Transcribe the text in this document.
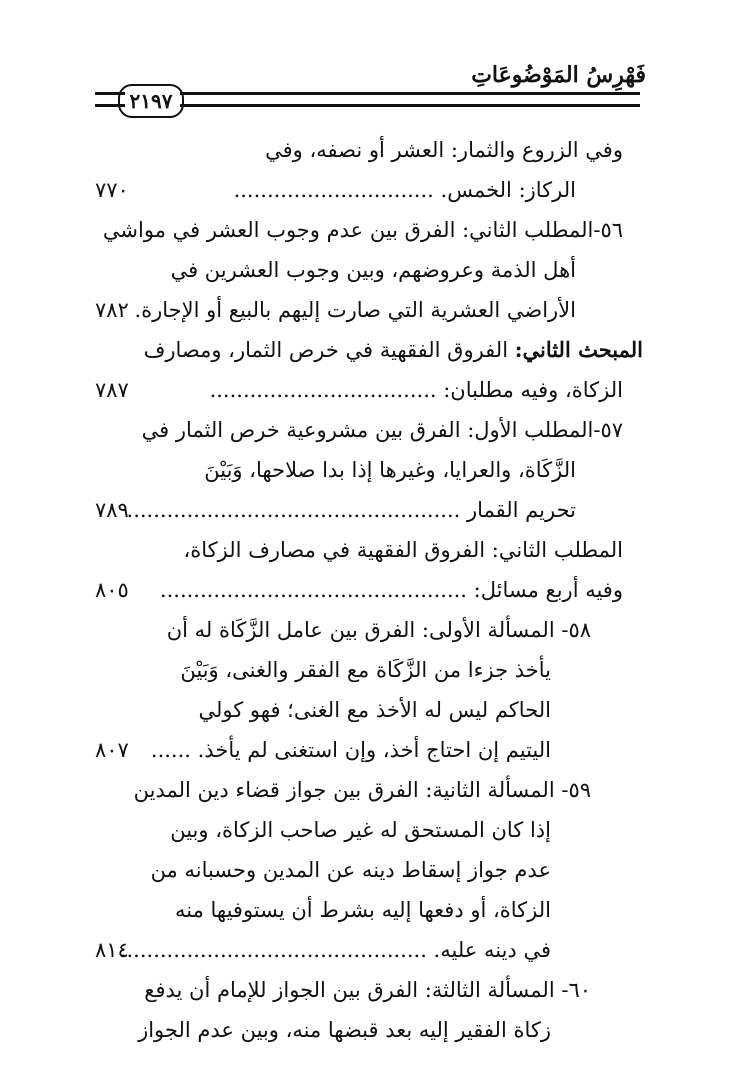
٢١٩٧
فَهْرِسُ المَوْضُوعَاتِ
وفي الزروع والثمار: العشر أو نصفه، وفي
الركاز: الخمس. ..............................
٧٧٠
٥٦-المطلب الثاني: الفرق بين عدم وجوب العشر في مواشي
أهل الذمة وعروضهم، وبين وجوب العشرين في
الأراضي العشرية التي صارت إليهم بالبيع أو الإجارة.
٧٨٢
المبحث الثاني: الفروق الفقهية في خرص الثمار، ومصارف
الزكاة، وفيه مطلبان: ..................................
٧٨٧
٥٧-المطلب الأول: الفرق بين مشروعية خرص الثمار في
الزَّكَاة، والعرايا، وغيرها إذا بدا صلاحها، وَبَيْنَ
تحريم القمار ..................................................
٧٨٩
المطلب الثاني: الفروق الفقهية في مصارف الزكاة،
وفيه أربع مسائل: ..............................................
٨٠٥
٥٨- المسألة الأولى: الفرق بين عامل الزَّكَاة له أن
يأخذ جزءا من الزَّكَاة مع الفقر والغنى، وَبَيْنَ
الحاكم ليس له الأخذ مع الغنى؛ فهو كولي
اليتيم إن احتاج أخذ، وإن استغنى لم يأخذ. ......
٨٠٧
٥٩- المسألة الثانية: الفرق بين جواز قضاء دين المدين
إذا كان المستحق له غير صاحب الزكاة، وبين
عدم جواز إسقاط دينه عن المدين وحسبانه من
الزكاة، أو دفعها إليه بشرط أن يستوفيها منه
في دينه عليه. ..............................................
٨١٤
٦٠- المسألة الثالثة: الفرق بين الجواز للإمام أن يدفع
زكاة الفقير إليه بعد قبضها منه، وبين عدم الجواز
